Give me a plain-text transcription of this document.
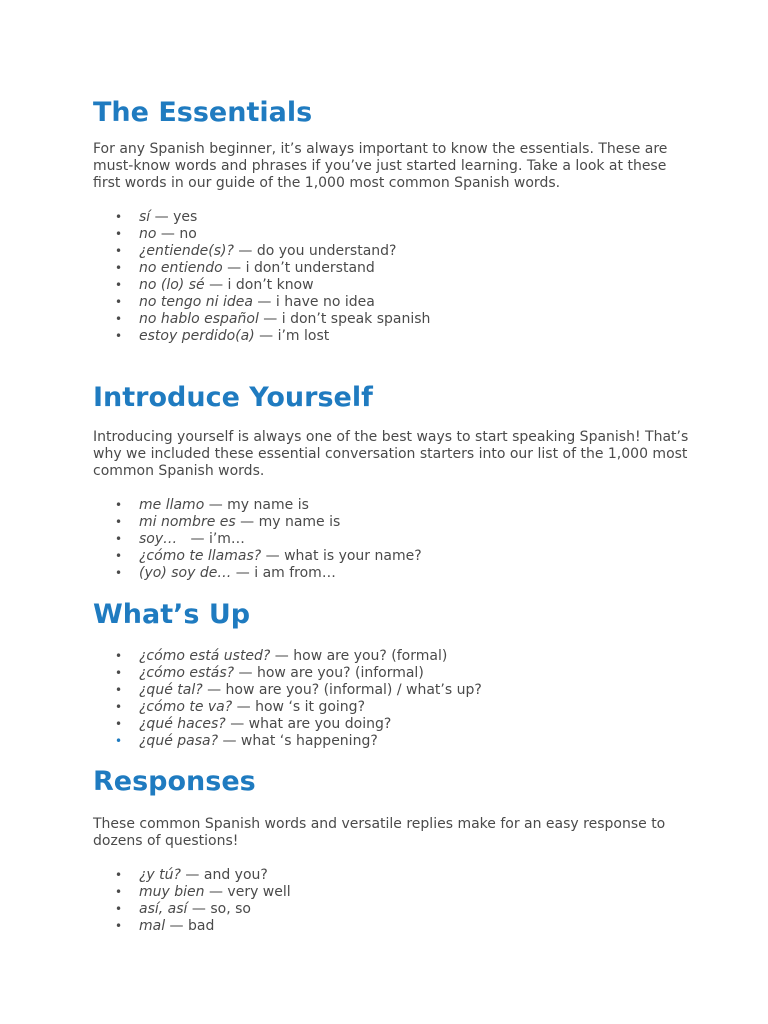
The Essentials

For any Spanish beginner, it’s always important to know the essentials. These are must-know words and phrases if you’ve just started learning. Take a look at these first words in our guide of the 1,000 most common Spanish words.

• sí — yes
• no — no
• ¿entiende(s)? — do you understand?
• no entiendo — i don’t understand
• no (lo) sé — i don’t know
• no tengo ni idea — i have no idea
• no hablo español — i don’t speak spanish
• estoy perdido(a) — i’m lost
Introduce Yourself

Introducing yourself is always one of the best ways to start speaking Spanish! That’s why we included these essential conversation starters into our list of the 1,000 most common Spanish words.

• me llamo — my name is
• mi nombre es — my name is
• soy…   — i’m…
• ¿cómo te llamas? — what is your name?
• (yo) soy de… — i am from…
What’s Up
• ¿cómo está usted? — how are you? (formal)
• ¿cómo estás? — how are you? (informal)
• ¿qué tal? — how are you? (informal) / what’s up?
• ¿cómo te va? — how ‘s it going?
• ¿qué haces? — what are you doing?
• ¿qué pasa? — what ‘s happening?
Responses

These common Spanish words and versatile replies make for an easy response to dozens of questions!

• ¿y tú? — and you?
• muy bien — very well
• así, así — so, so
• mal — bad
